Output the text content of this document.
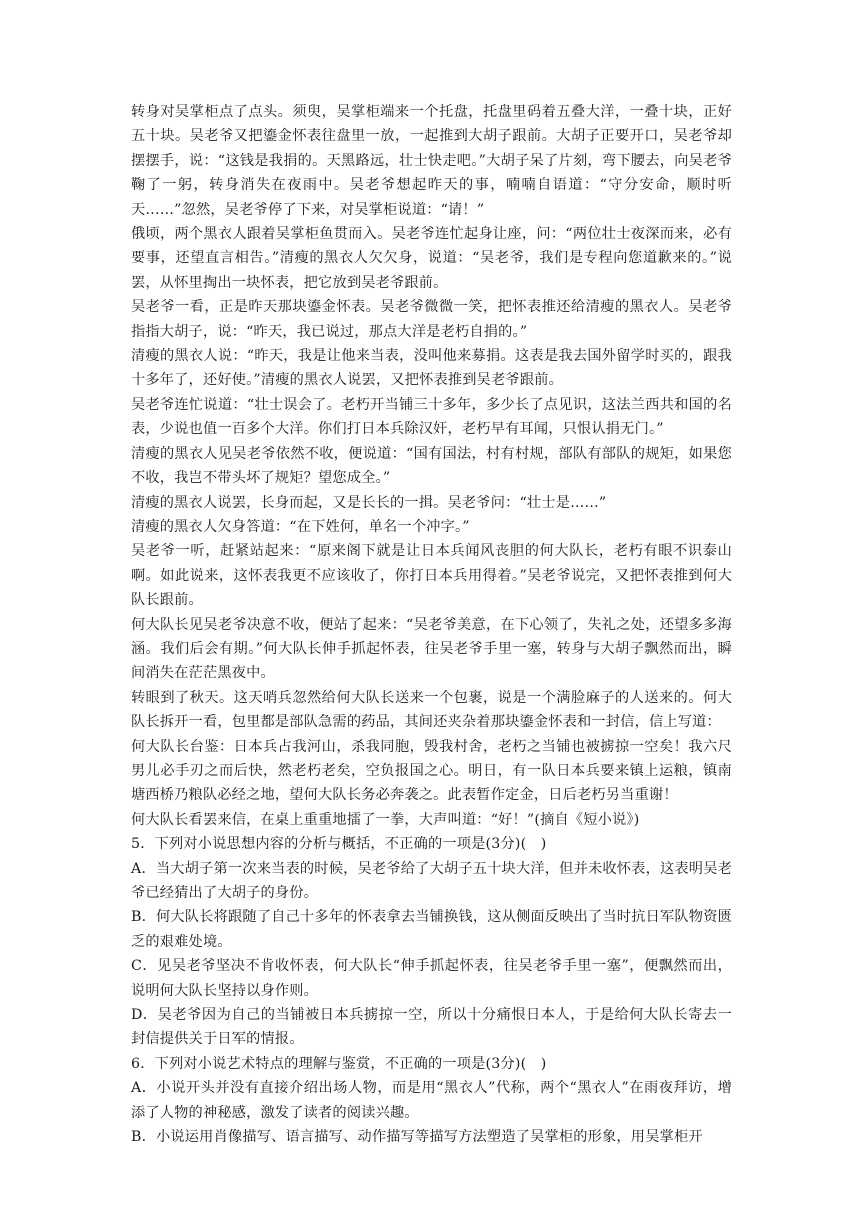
转身对吴掌柜点了点头。须臾，吴掌柜端来一个托盘，托盘里码着五叠大洋，一叠十块，正好五十块。吴老爷又把鎏金怀表往盘里一放，一起推到大胡子跟前。大胡子正要开口，吴老爷却摆摆手，说：“这钱是我捐的。天黑路远，壮士快走吧。”大胡子呆了片刻，弯下腰去，向吴老爷鞠了一躬，转身消失在夜雨中。吴老爷想起昨天的事，喃喃自语道：“守分安命，顺时听天……”忽然，吴老爷停了下来，对吴掌柜说道：“请！”

俄顷，两个黑衣人跟着吴掌柜鱼贯而入。吴老爷连忙起身让座，问：“两位壮士夜深而来，必有要事，还望直言相告。”清瘦的黑衣人欠欠身，说道：“吴老爷，我们是专程向您道歉来的。”说罢，从怀里掏出一块怀表，把它放到吴老爷跟前。

吴老爷一看，正是昨天那块鎏金怀表。吴老爷微微一笑，把怀表推还给清瘦的黑衣人。吴老爷指指大胡子，说：“昨天，我已说过，那点大洋是老朽自捐的。”

清瘦的黑衣人说：“昨天，我是让他来当表，没叫他来募捐。这表是我去国外留学时买的，跟我十多年了，还好使。”清瘦的黑衣人说罢，又把怀表推到吴老爷跟前。

吴老爷连忙说道：“壮士误会了。老朽开当铺三十多年，多少长了点见识，这法兰西共和国的名表，少说也值一百多个大洋。你们打日本兵除汉奸，老朽早有耳闻，只恨认捐无门。”

清瘦的黑衣人见吴老爷依然不收，便说道：“国有国法，村有村规，部队有部队的规矩，如果您不收，我岂不带头坏了规矩？望您成全。”

清瘦的黑衣人说罢，长身而起，又是长长的一揖。吴老爷问：“壮士是……”

清瘦的黑衣人欠身答道：“在下姓何，单名一个冲字。”

吴老爷一听，赶紧站起来：“原来阁下就是让日本兵闻风丧胆的何大队长，老朽有眼不识泰山啊。如此说来，这怀表我更不应该收了，你打日本兵用得着。”吴老爷说完，又把怀表推到何大队长跟前。

何大队长见吴老爷决意不收，便站了起来：“吴老爷美意，在下心领了，失礼之处，还望多多海涵。我们后会有期。”何大队长伸手抓起怀表，往吴老爷手里一塞，转身与大胡子飘然而出，瞬间消失在茫茫黑夜中。

转眼到了秋天。这天哨兵忽然给何大队长送来一个包裹，说是一个满脸麻子的人送来的。何大队长拆开一看，包里都是部队急需的药品，其间还夹杂着那块鎏金怀表和一封信，信上写道：

何大队长台鉴：日本兵占我河山，杀我同胞，毁我村舍，老朽之当铺也被掳掠一空矣！我六尺男儿必手刃之而后快，然老朽老矣，空负报国之心。明日，有一队日本兵要来镇上运粮，镇南塘西桥乃粮队必经之地，望何大队长务必奔袭之。此表暂作定金，日后老朽另当重谢！

何大队长看罢来信，在桌上重重地擂了一拳，大声叫道：“好！”(摘自《短小说》)

5．下列对小说思想内容的分析与概括，不正确的一项是(3分)(　)

A．当大胡子第一次来当表的时候，吴老爷给了大胡子五十块大洋，但并未收怀表，这表明吴老爷已经猜出了大胡子的身份。

B．何大队长将跟随了自己十多年的怀表拿去当铺换钱，这从侧面反映出了当时抗日军队物资匮乏的艰难处境。

C．见吴老爷坚决不肯收怀表，何大队长“伸手抓起怀表，往吴老爷手里一塞”，便飘然而出，说明何大队长坚持以身作则。

D．吴老爷因为自己的当铺被日本兵掳掠一空，所以十分痛恨日本人，于是给何大队长寄去一封信提供关于日军的情报。

6．下列对小说艺术特点的理解与鉴赏，不正确的一项是(3分)(　)

A．小说开头并没有直接介绍出场人物，而是用“黑衣人”代称，两个“黑衣人”在雨夜拜访，增添了人物的神秘感，激发了读者的阅读兴趣。

B．小说运用肖像描写、语言描写、动作描写等描写方法塑造了吴掌柜的形象，用吴掌柜开
